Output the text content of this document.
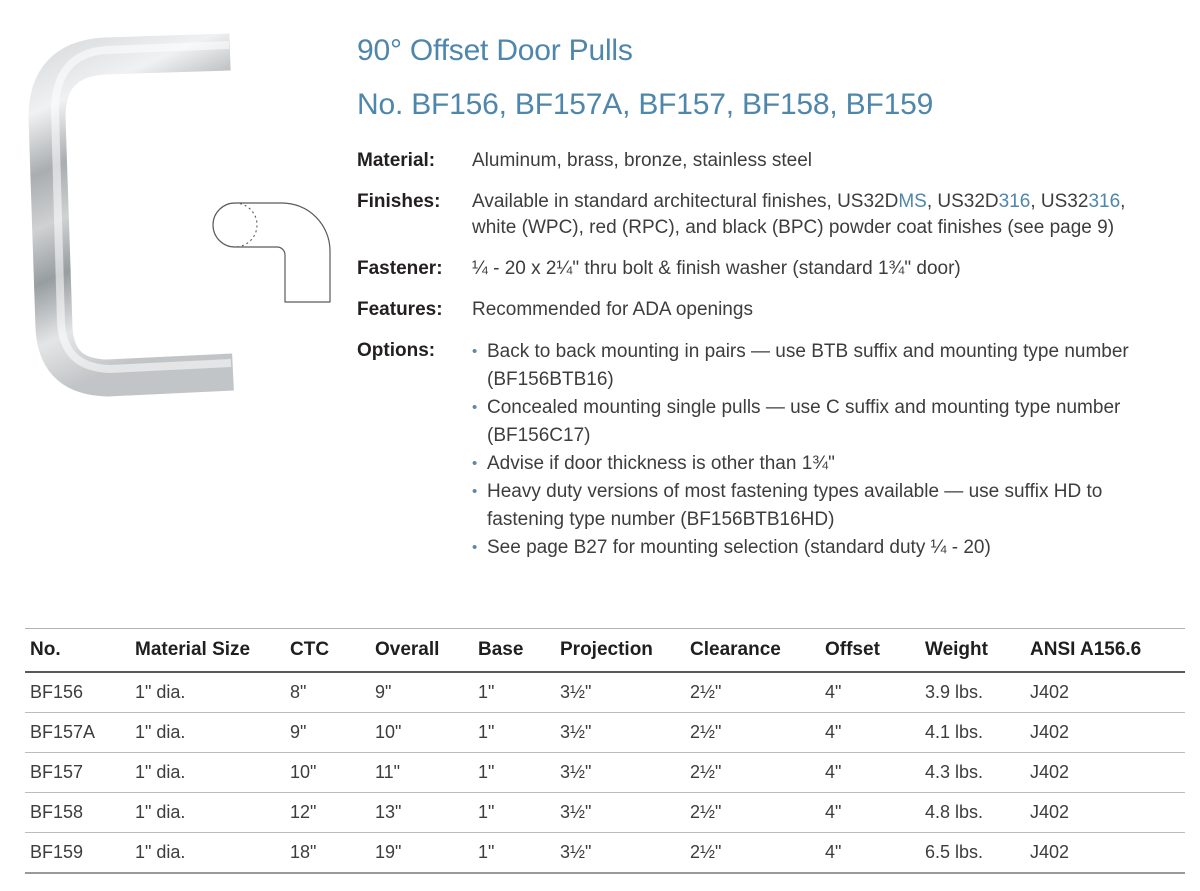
90° Offset Door Pulls
No. BF156, BF157A, BF157, BF158, BF159
Material:	Aluminum, brass, bronze, stainless steel
Finishes:	Available in standard architectural finishes, US32DMS, US32D316, US32316,
white (WPC), red (RPC), and black (BPC) powder coat finishes (see page 9)
Fastener:	¼ - 20 x 2¼" thru bolt & finish washer (standard 1¾" door)
Features:	Recommended for ADA openings
Options:	• Back to back mounting in pairs — use BTB suffix and mounting type number
(BF156BTB16)
• Concealed mounting single pulls — use C suffix and mounting type number
(BF156C17)
• Advise if door thickness is other than 1¾"
• Heavy duty versions of most fastening types available — use suffix HD to
fastening type number (BF156BTB16HD)
• See page B27 for mounting selection (standard duty ¼ - 20)
No.	Material Size	CTC	Overall	Base	Projection	Clearance	Offset	Weight	ANSI A156.6
BF156	1" dia.	8"	9"	1"	3½"	2½"	4"	3.9 lbs.	J402
BF157A	1" dia.	9"	10"	1"	3½"	2½"	4"	4.1 lbs.	J402
BF157	1" dia.	10"	11"	1"	3½"	2½"	4"	4.3 lbs.	J402
BF158	1" dia.	12"	13"	1"	3½"	2½"	4"	4.8 lbs.	J402
BF159	1" dia.	18"	19"	1"	3½"	2½"	4"	6.5 lbs.	J402
